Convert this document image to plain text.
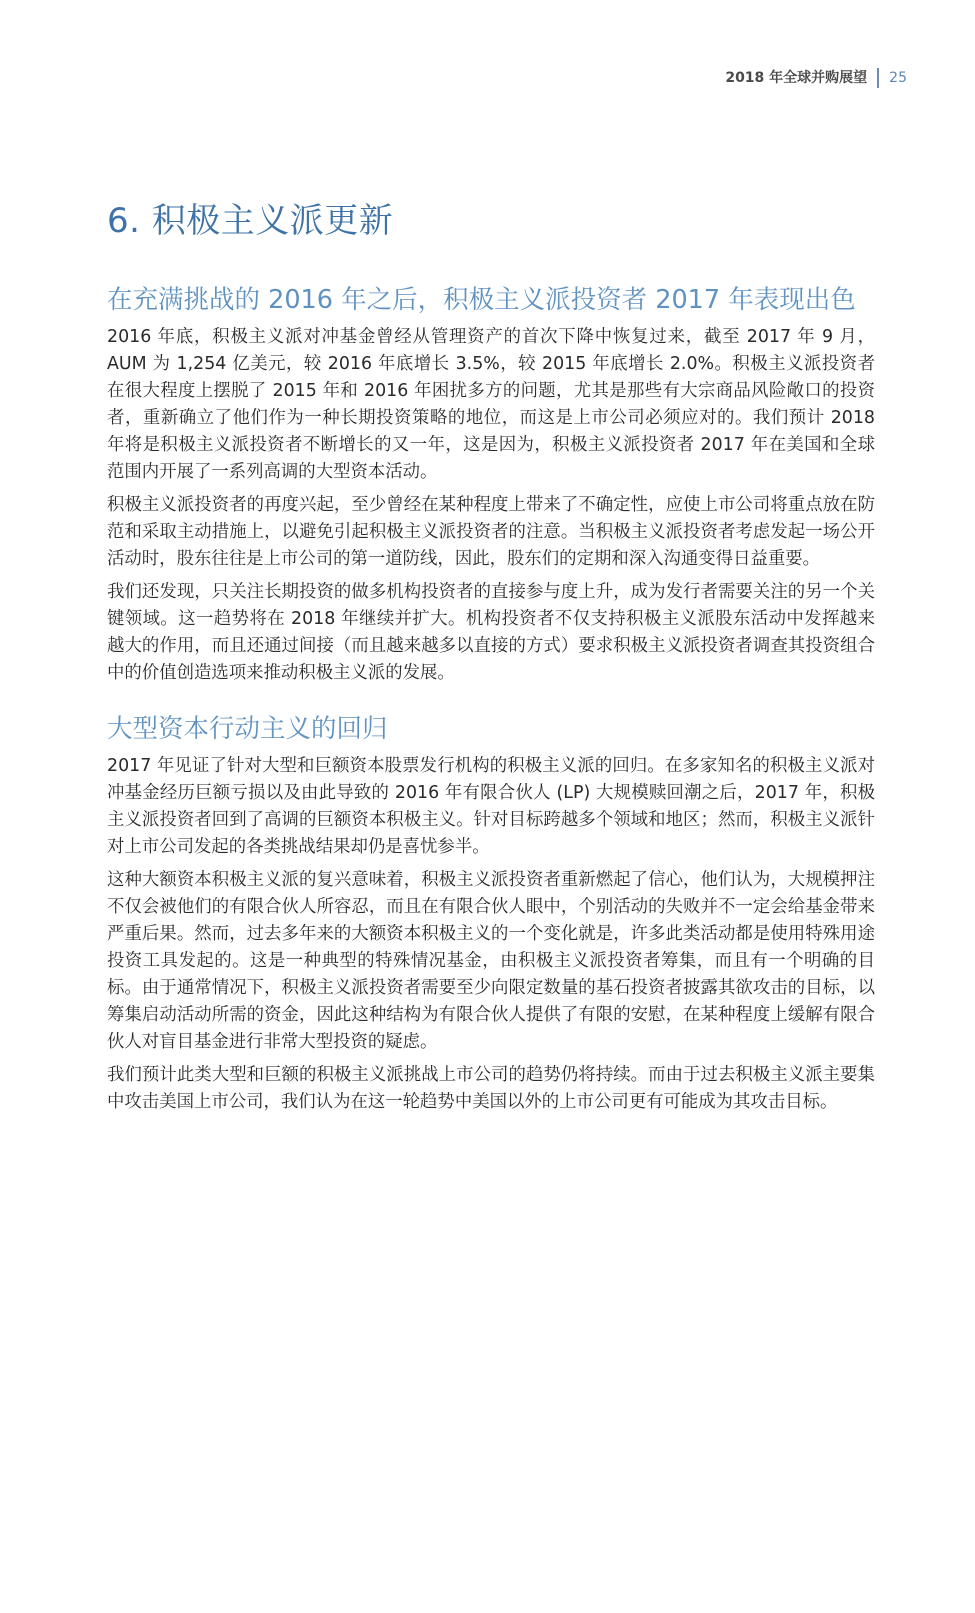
2018 年全球并购展望 25
6. 积极主义派更新
在充满挑战的 2016 年之后，积极主义派投资者 2017 年表现出色

2016 年底，积极主义派对冲基金曾经从管理资产的首次下降中恢复过来，截至 2017 年 9 月，AUM 为 1,254 亿美元，较 2016 年底增长 3.5%，较 2015 年底增长 2.0%。积极主义派投资者在很大程度上摆脱了 2015 年和 2016 年困扰多方的问题，尤其是那些有大宗商品风险敞口的投资者，重新确立了他们作为一种长期投资策略的地位，而这是上市公司必须应对的。我们预计 2018 年将是积极主义派投资者不断增长的又一年，这是因为，积极主义派投资者 2017 年在美国和全球范围内开展了一系列高调的大型资本活动。

积极主义派投资者的再度兴起，至少曾经在某种程度上带来了不确定性，应使上市公司将重点放在防范和采取主动措施上，以避免引起积极主义派投资者的注意。当积极主义派投资者考虑发起一场公开活动时，股东往往是上市公司的第一道防线，因此，股东们的定期和深入沟通变得日益重要。

我们还发现，只关注长期投资的做多机构投资者的直接参与度上升，成为发行者需要关注的另一个关键领域。这一趋势将在 2018 年继续并扩大。机构投资者不仅支持积极主义派股东活动中发挥越来越大的作用，而且还通过间接（而且越来越多以直接的方式）要求积极主义派投资者调查其投资组合中的价值创造选项来推动积极主义派的发展。

大型资本行动主义的回归

2017 年见证了针对大型和巨额资本股票发行机构的积极主义派的回归。在多家知名的积极主义派对冲基金经历巨额亏损以及由此导致的 2016 年有限合伙人 (LP) 大规模赎回潮之后，2017 年，积极主义派投资者回到了高调的巨额资本积极主义。针对目标跨越多个领域和地区；然而，积极主义派针对上市公司发起的各类挑战结果却仍是喜忧参半。

这种大额资本积极主义派的复兴意味着，积极主义派投资者重新燃起了信心，他们认为，大规模押注不仅会被他们的有限合伙人所容忍，而且在有限合伙人眼中，个别活动的失败并不一定会给基金带来严重后果。然而，过去多年来的大额资本积极主义的一个变化就是，许多此类活动都是使用特殊用途投资工具发起的。这是一种典型的特殊情况基金，由积极主义派投资者筹集，而且有一个明确的目标。由于通常情况下，积极主义派投资者需要至少向限定数量的基石投资者披露其欲攻击的目标，以筹集启动活动所需的资金，因此这种结构为有限合伙人提供了有限的安慰，在某种程度上缓解有限合伙人对盲目基金进行非常大型投资的疑虑。

我们预计此类大型和巨额的积极主义派挑战上市公司的趋势仍将持续。而由于过去积极主义派主要集中攻击美国上市公司，我们认为在这一轮趋势中美国以外的上市公司更有可能成为其攻击目标。
